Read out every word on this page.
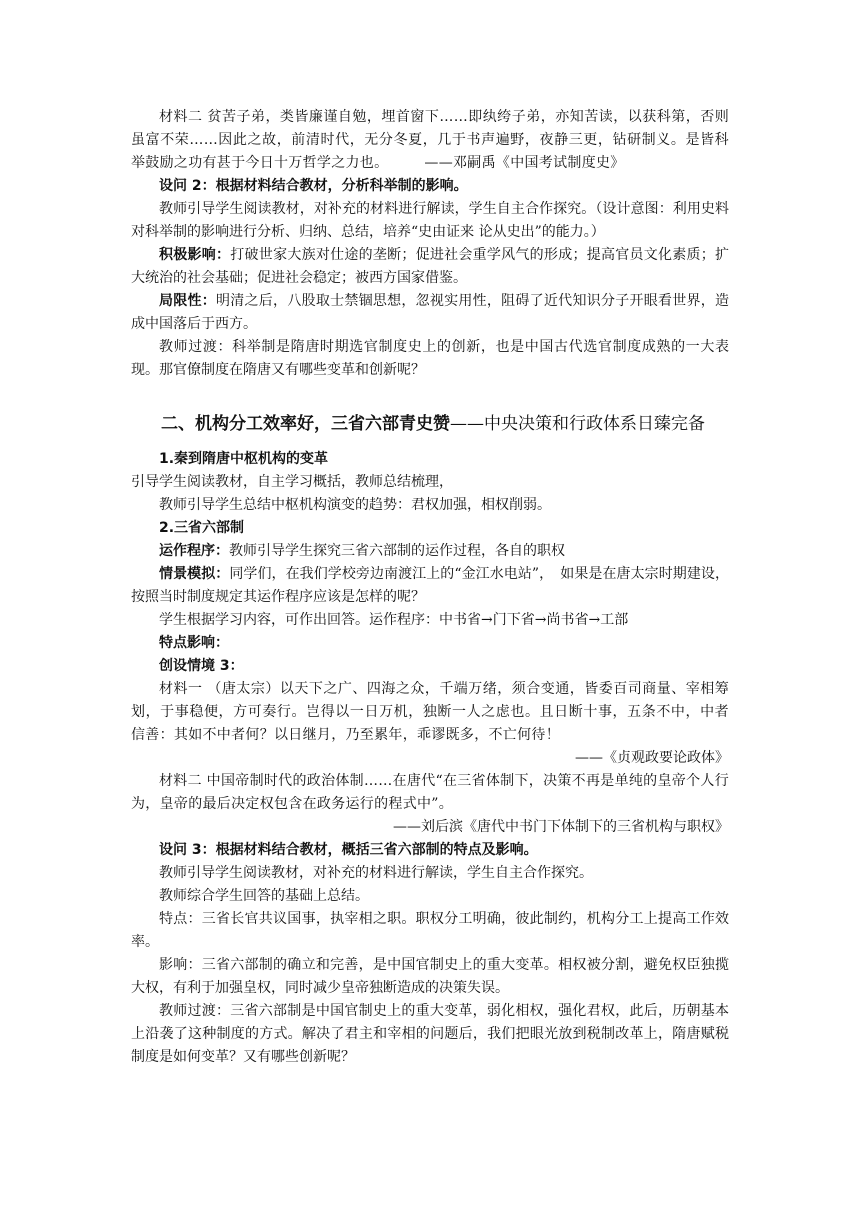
材料二 贫苦子弟，类皆廉谨自勉，埋首窗下……即纨绔子弟，亦知苦读，以获科第，否则虽富不荣……因此之故，前清时代，无分冬夏，几于书声遍野，夜静三更，钻研制义。是皆科举鼓励之功有甚于今日十万哲学之力也。	——邓嗣禹《中国考试制度史》

设问 2：根据材料结合教材，分析科举制的影响。

教师引导学生阅读教材，对补充的材料进行解读，学生自主合作探究。（设计意图：利用史料对科举制的影响进行分析、归纳、总结，培养“史由证来 论从史出”的能力。）

积极影响：打破世家大族对仕途的垄断；促进社会重学风气的形成；提高官员文化素质；扩大统治的社会基础；促进社会稳定；被西方国家借鉴。

局限性：明清之后，八股取士禁锢思想，忽视实用性，阻碍了近代知识分子开眼看世界，造成中国落后于西方。

教师过渡：科举制是隋唐时期选官制度史上的创新，也是中国古代选官制度成熟的一大表现。那官僚制度在隋唐又有哪些变革和创新呢？

二、机构分工效率好，三省六部青史赞——中央决策和行政体系日臻完备

1.秦到隋唐中枢机构的变革

引导学生阅读教材，自主学习概括，教师总结梳理，

教师引导学生总结中枢机构演变的趋势：君权加强，相权削弱。

2.三省六部制

运作程序：教师引导学生探究三省六部制的运作过程，各自的职权

情景模拟：同学们，在我们学校旁边南渡江上的“金江水电站”，　如果是在唐太宗时期建设，按照当时制度规定其运作程序应该是怎样的呢？

学生根据学习内容，可作出回答。运作程序：中书省→门下省→尚书省→工部

特点影响：

创设情境 3：

材料一 （唐太宗）以天下之广、四海之众，千端万绪，须合变通，皆委百司商量、宰相筹划，于事稳便，方可奏行。岂得以一日万机，独断一人之虑也。且日断十事，五条不中，中者信善：其如不中者何？以日继月，乃至累年，乖谬既多，不亡何待！

——《贞观政要论政体》

材料二 中国帝制时代的政治体制……在唐代“在三省体制下，决策不再是单纯的皇帝个人行为，皇帝的最后决定权包含在政务运行的程式中”。

——刘后滨《唐代中书门下体制下的三省机构与职权》

设问 3：根据材料结合教材，概括三省六部制的特点及影响。

教师引导学生阅读教材，对补充的材料进行解读，学生自主合作探究。

教师综合学生回答的基础上总结。

特点：三省长官共议国事，执宰相之职。职权分工明确，彼此制约，机构分工上提高工作效率。

影响：三省六部制的确立和完善，是中国官制史上的重大变革。相权被分割，避免权臣独揽大权，有利于加强皇权，同时减少皇帝独断造成的决策失误。

教师过渡：三省六部制是中国官制史上的重大变革，弱化相权，强化君权，此后，历朝基本上沿袭了这种制度的方式。解决了君主和宰相的问题后，我们把眼光放到税制改革上，隋唐赋税制度是如何变革？又有哪些创新呢？
